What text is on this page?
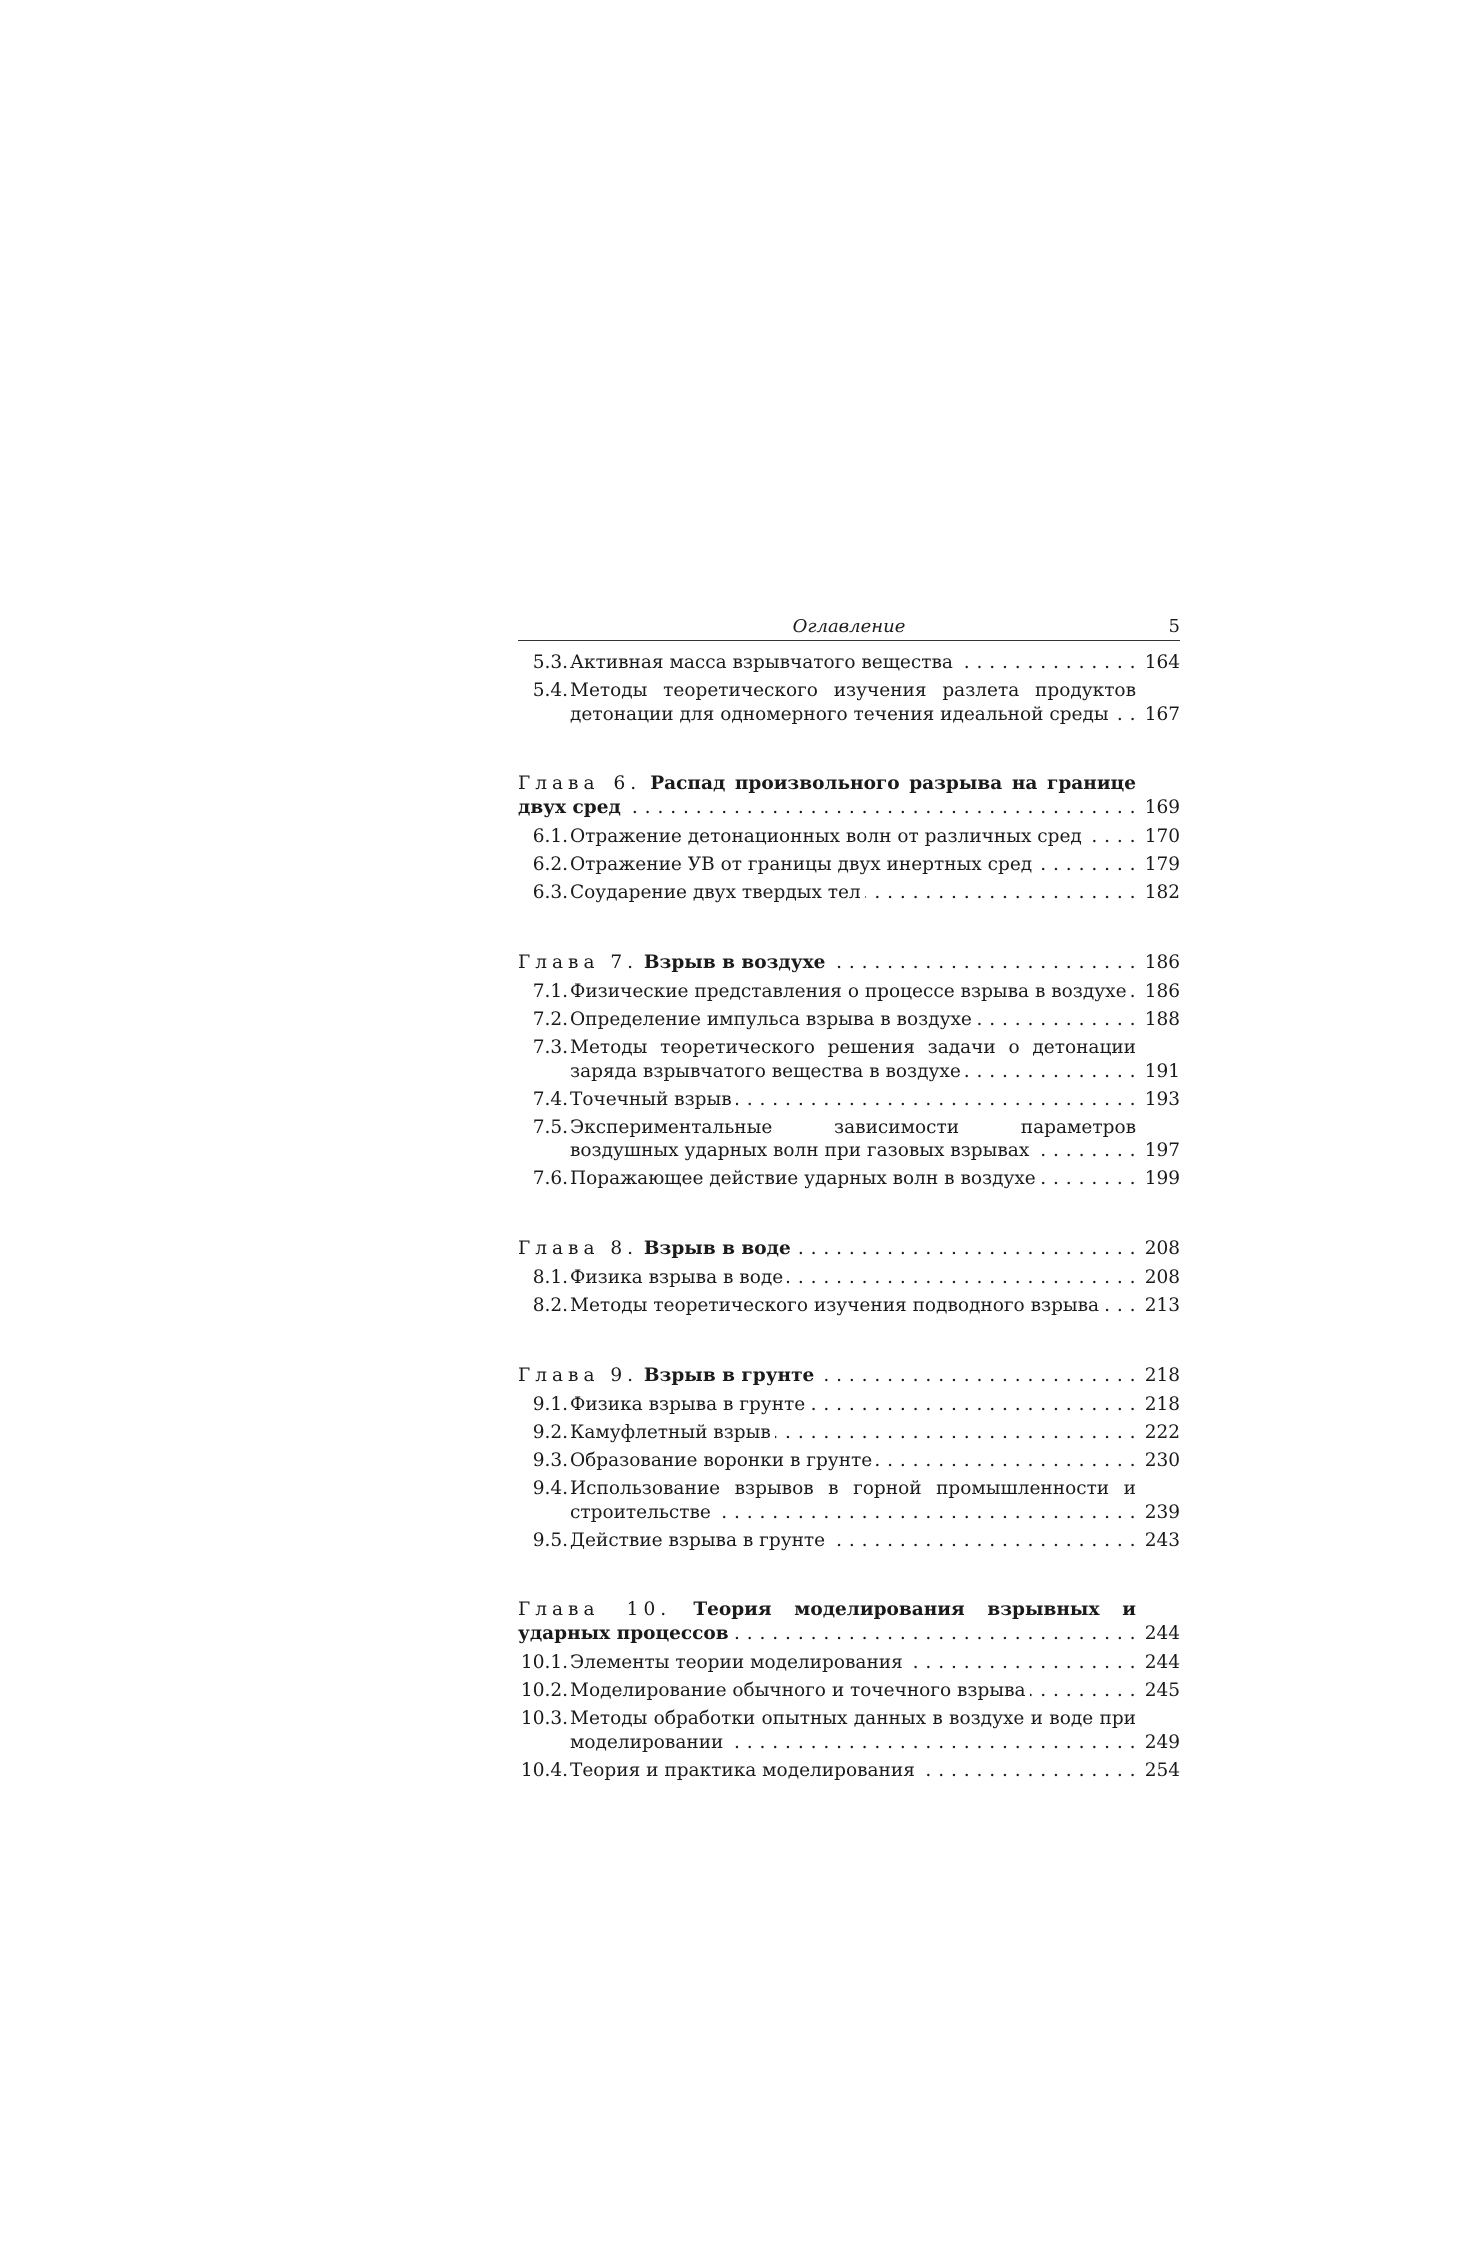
Оглавление	5
5.3. Активная масса взрывчатого вещества . . .	164
5.4. Методы теоретического изучения разлета продуктов детонации для одномерного течения идеальной среды . . .	167
Глава 6. Распад произвольного разрыва на границе двух сред . . .	169
6.1. Отражение детонационных волн от различных сред . . .	170
6.2. Отражение УВ от границы двух инертных сред . . .	179
6.3. Соударение двух твердых тел . . .	182
Глава 7. Взрыв в воздухе . . .	186
7.1. Физические представления о процессе взрыва в воздухе . . . 186
7.2. Определение импульса взрыва в воздухе . . .	188
7.3. Методы теоретического решения задачи о детонации заряда взрывчатого вещества в воздухе . . .	191
7.4. Точечный взрыв . . .	193
7.5. Экспериментальные зависимости параметров воздушных ударных волн при газовых взрывах . . .	197
7.6. Поражающее действие ударных волн в воздухе . . .	199
Глава 8. Взрыв в воде . . .	208
8.1. Физика взрыва в воде . . .	208
8.2. Методы теоретического изучения подводного взрыва . . .	213
Глава 9. Взрыв в грунте . . .	218
9.1. Физика взрыва в грунте . . .	218
9.2. Камуфлетный взрыв . . .	222
9.3. Образование воронки в грунте . . .	230
9.4. Использование взрывов в горной промышленности и строительстве . . .	239
9.5. Действие взрыва в грунте . . .	243
Глава 10. Теория моделирования взрывных и ударных процессов . . .	244
10.1. Элементы теории моделирования . . .	244
10.2. Моделирование обычного и точечного взрыва . . .	245
10.3. Методы обработки опытных данных в воздухе и воде при моделировании . . .	249
10.4. Теория и практика моделирования . . .	254
